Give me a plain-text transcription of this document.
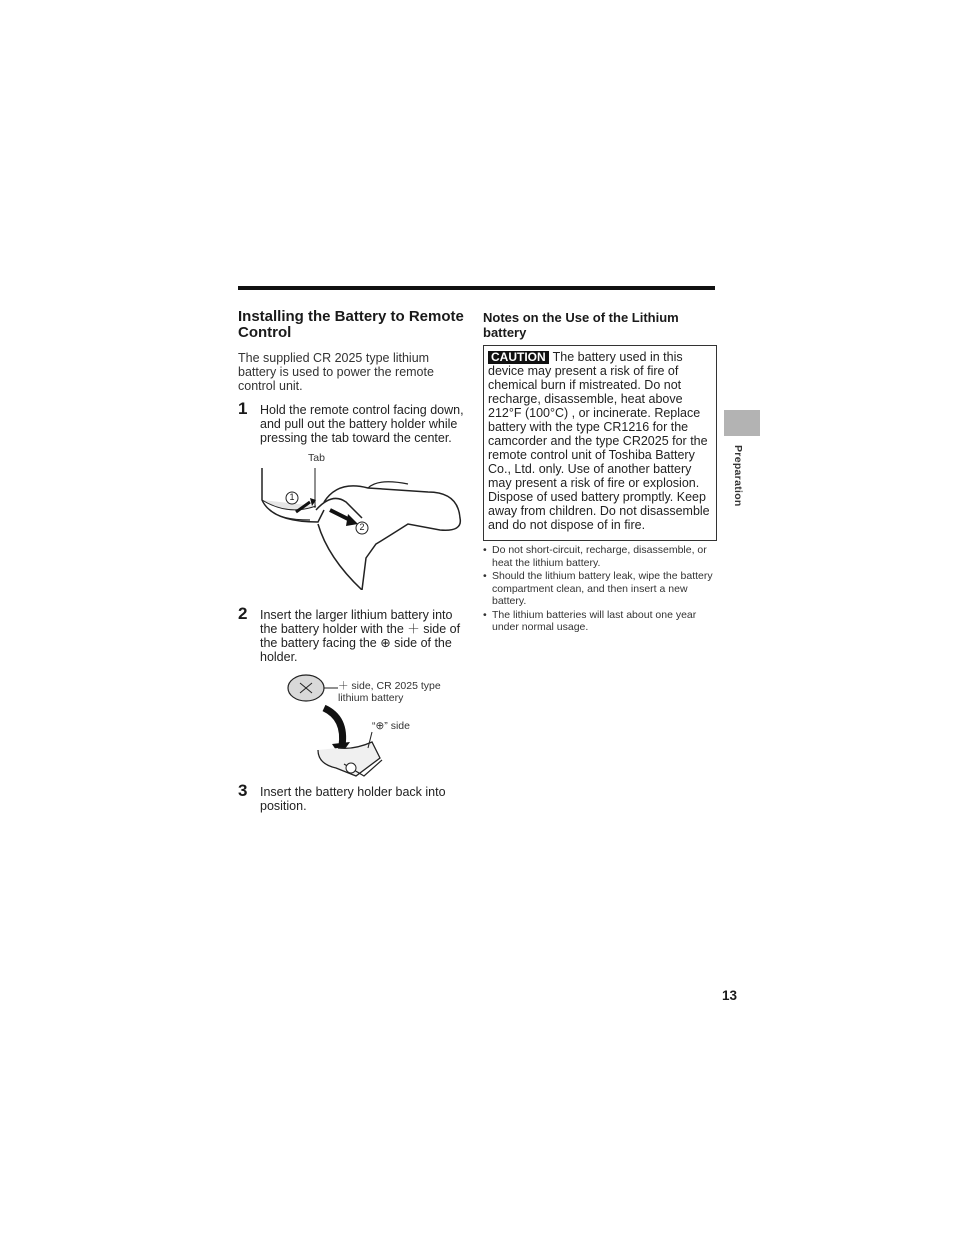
Installing the Battery to Remote Control
The supplied CR 2025 type lithium battery is used to power the remote control unit.
1 Hold the remote control facing down, and pull out the battery holder while pressing the tab toward the center.
Tab
1
2
2 Insert the larger lithium battery into the battery holder with the ＋ side of the battery facing the ⊕ side of the holder.
＋ side, CR 2025 type lithium battery
“⊕” side
3 Insert the battery holder back into position.
Notes on the Use of the Lithium battery
CAUTION The battery used in this device may present a risk of fire of chemical burn if mistreated. Do not recharge, disassemble, heat above 212°F (100°C) , or incinerate. Replace battery with the type CR1216 for the camcorder and the type CR2025 for the remote control unit of Toshiba Battery Co., Ltd. only. Use of another battery may present a risk of fire or explosion. Dispose of used battery promptly. Keep away from children. Do not disassemble and do not dispose of in fire.
• Do not short-circuit, recharge, disassemble, or heat the lithium battery.
• Should the lithium battery leak, wipe the battery compartment clean, and then insert a new battery.
• The lithium batteries will last about one year under normal usage.
Preparation
13
